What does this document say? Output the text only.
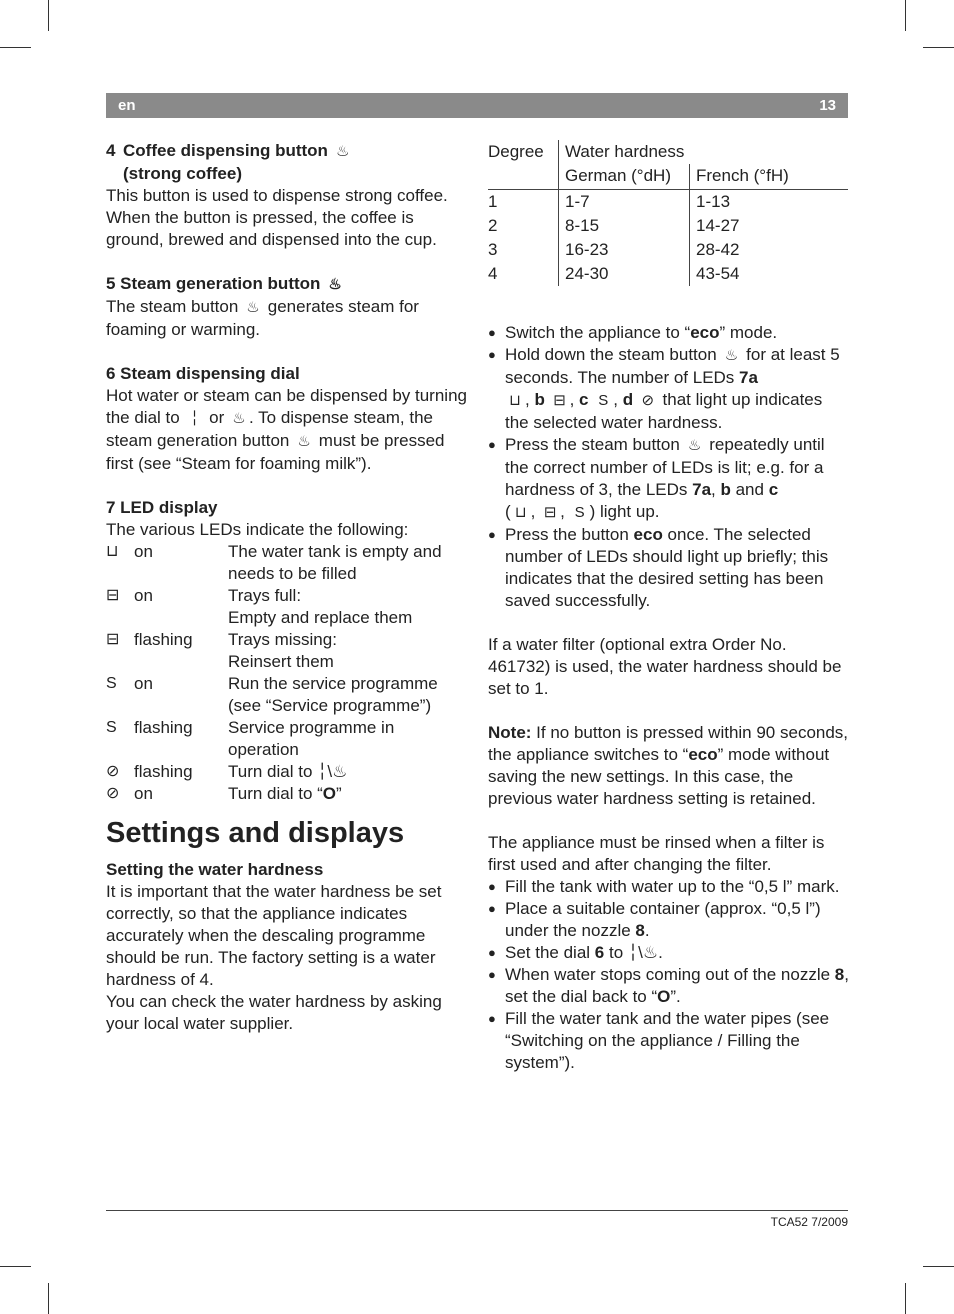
en	13
4 Coffee dispensing button ♨
(strong coffee)

This button is used to dispense strong coffee.

When the button is pressed, the coffee is ground, brewed and dispensed into the cup.

5 Steam generation button ♨

The steam button ♨ generates steam for foaming or warming.

6 Steam dispensing dial

Hot water or steam can be dispensed by turning the dial to ╎ or ♨ . To dispense steam, the steam generation button ♨ must be pressed first (see “Steam for foaming milk”).

7 LED display

The various LEDs indicate the following:

⊔ on	The water tank is empty and needs to be filled
⊟ on	Trays full:
Empty and replace them
⊟ flashing	Trays missing:
Reinsert them
S	on	Run the service programme (see “Service programme”)
S	flashing	Service programme in operation
⊘ flashing	Turn dial to ╎\♨
⊘ on	Turn dial to “O”
Settings and displays

Setting the water hardness

It is important that the water hardness be set correctly, so that the appliance indicates accurately when the descaling programme should be run. The factory setting is a water hardness of 4.

You can check the water hardness by asking your local water supplier.

Degree	Water hardness	
	German (°dH)	French (°fH)
1	1-7	1-13
2	8-15	14-27
3	16-23	28-42
4	24-30	43-54
● Switch the appliance to “eco” mode.
● Hold down the steam button ♨ for at least 5 seconds. The number of LEDs 7a
⊔ , b ⊟ , c S , d ⊘ that light up indicates the selected water hardness.
● Press the steam button ♨ repeatedly until the correct number of LEDs is lit; e.g. for a hardness of 3, the LEDs 7a, b and c
( ⊔ , ⊟ , S ) light up.
● Press the button eco once. The selected number of LEDs should light up briefly; this indicates that the desired setting has been saved successfully.

If a water filter (optional extra Order No. 461732) is used, the water hardness should be set to 1.

Note: If no button is pressed within 90 seconds, the appliance switches to “eco” mode without saving the new settings. In this case, the previous water hardness setting is retained.

The appliance must be rinsed when a filter is first used and after changing the filter.

● Fill the tank with water up to the “0,5 l” mark.
● Place a suitable container (approx. “0,5 l”) under the nozzle 8.
● Set the dial 6 to ╎\♨.
● When water stops coming out of the nozzle 8, set the dial back to “O”.
● Fill the water tank and the water pipes (see “Switching on the appliance / Filling the system”).
TCA52 7/2009
